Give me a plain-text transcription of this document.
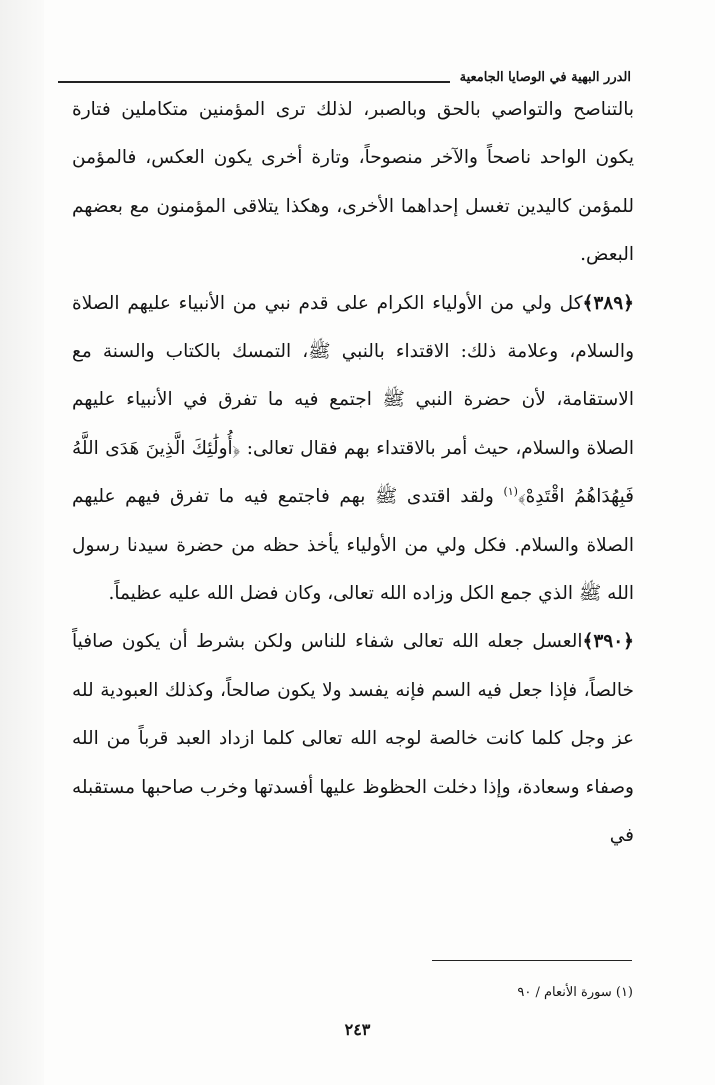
الدرر البهية في الوصايا الجامعية

بالتناصح والتواصي بالحق وبالصبر، لذلك ترى المؤمنين متكاملين فتارة يكون الواحد ناصحاً والآخر منصوحاً، وتارة أخرى يكون العكس، فالمؤمن للمؤمن كاليدين تغسل إحداهما الأخرى، وهكذا يتلاقى المؤمنون مع بعضهم البعض.

﴿٣٨٩﴾كل ولي من الأولياء الكرام على قدم نبي من الأنبياء عليهم الصلاة والسلام، وعلامة ذلك: الاقتداء بالنبي ﷺ، التمسك بالكتاب والسنة مع الاستقامة، لأن حضرة النبي ﷺ اجتمع فيه ما تفرق في الأنبياء عليهم الصلاة والسلام، حيث أمر بالاقتداء بهم فقال تعالى: ﴿أُولَٰئِكَ الَّذِينَ هَدَى اللَّهُ فَبِهُدَاهُمُ اقْتَدِهْ﴾$^{(١)}$ ولقد اقتدى ﷺ بهم فاجتمع فيه ما تفرق فيهم عليهم الصلاة والسلام. فكل ولي من الأولياء يأخذ حظه من حضرة سيدنا رسول الله ﷺ الذي جمع الكل وزاده الله تعالى، وكان فضل الله عليه عظيماً.

﴿٣٩٠﴾العسل جعله الله تعالى شفاء للناس ولكن بشرط أن يكون صافياً خالصاً، فإذا جعل فيه السم فإنه يفسد ولا يكون صالحاً، وكذلك العبودية لله عز وجل كلما كانت خالصة لوجه الله تعالى كلما ازداد العبد قرباً من الله وصفاء وسعادة، وإذا دخلت الحظوظ عليها أفسدتها وخرب صاحبها مستقبله في

(١) سورة الأنعام / ٩٠
٢٤٣
